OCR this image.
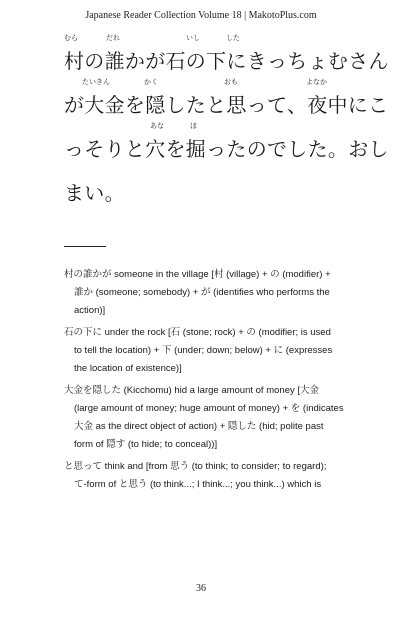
Japanese Reader Collection Volume 18 | MakotoPlus.com
むら	だれ	いし	した
村の誰かが石の下にきっちょむさん
たいきん	かく	おも	よなか
が大金を隠したと思って、夜中にこ
あな	ほ
っそりと穴を掘ったのでした。おし
まい。
村の誰かが someone in the village [村 (village) + の (modifier) +
誰か (someone; somebody) + が (identifies who performs the
action)]
石の下に under the rock [石 (stone; rock) + の (modifier; is used
to tell the location) + 下 (under; down; below) + に (expresses
the location of existence)]
大金を隠した (Kicchomu) hid a large amount of money [大金
(large amount of money; huge amount of money) + を (indicates
大金 as the direct object of action) + 隠した (hid; polite past
form of 隠す (to hide; to conceal))]
と思って think and [from 思う (to think; to consider; to regard);
て-form of と思う (to think...; I think...; you think...) which is
36
